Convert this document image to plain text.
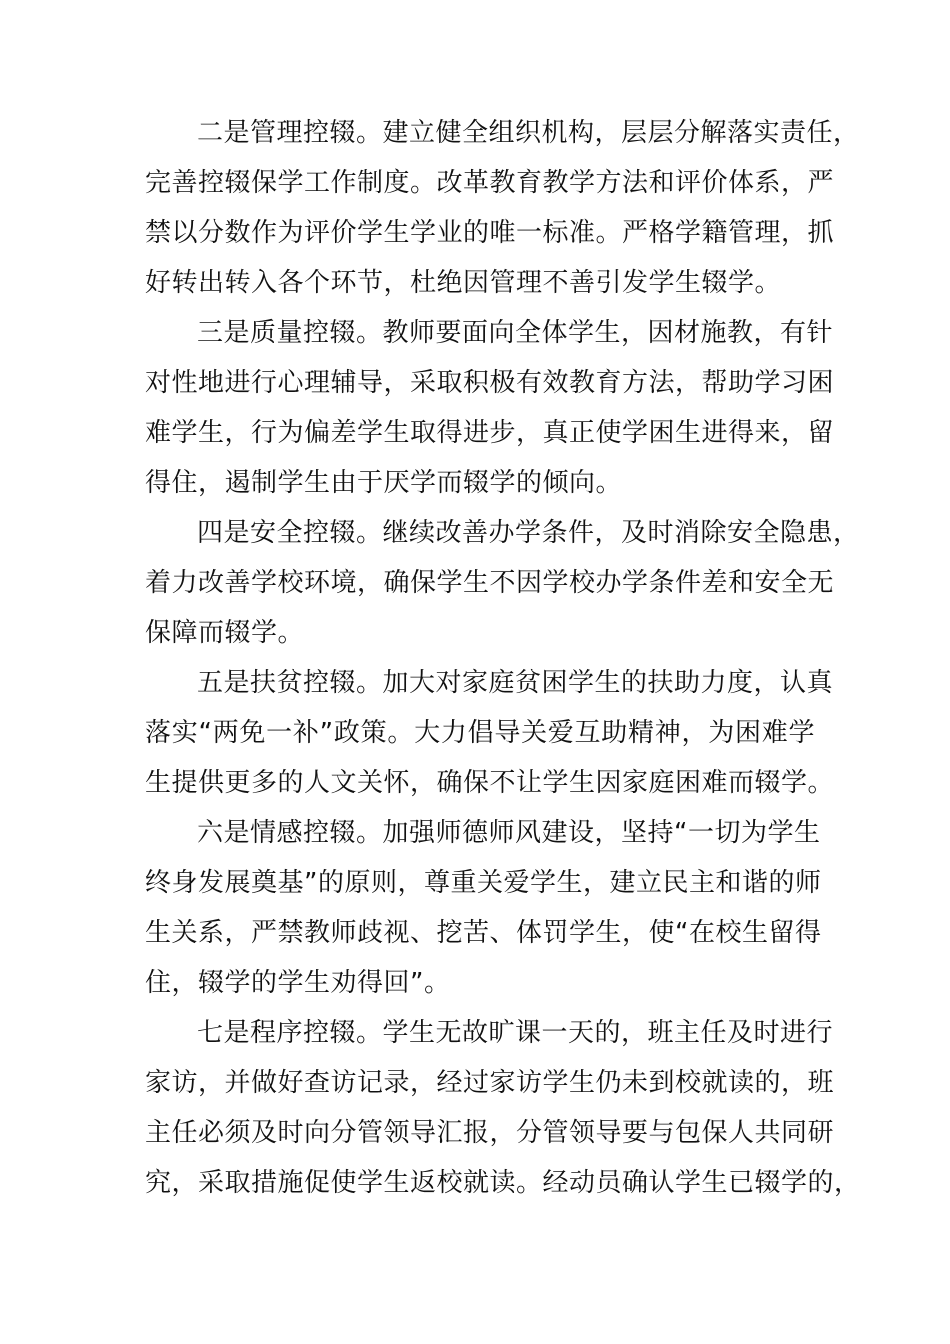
二是管理控辍。建立健全组织机构，层层分解落实责任，
完善控辍保学工作制度。改革教育教学方法和评价体系，严
禁以分数作为评价学生学业的唯一标准。严格学籍管理，抓
好转出转入各个环节，杜绝因管理不善引发学生辍学。
三是质量控辍。教师要面向全体学生，因材施教，有针
对性地进行心理辅导，采取积极有效教育方法，帮助学习困
难学生，行为偏差学生取得进步，真正使学困生进得来，留
得住，遏制学生由于厌学而辍学的倾向。
四是安全控辍。继续改善办学条件，及时消除安全隐患，
着力改善学校环境，确保学生不因学校办学条件差和安全无
保障而辍学。
五是扶贫控辍。加大对家庭贫困学生的扶助力度，认真
落实“两免一补”政策。大力倡导关爱互助精神，为困难学
生提供更多的人文关怀，确保不让学生因家庭困难而辍学。
六是情感控辍。加强师德师风建设，坚持“一切为学生
终身发展奠基”的原则，尊重关爱学生，建立民主和谐的师
生关系，严禁教师歧视、挖苦、体罚学生，使“在校生留得
住，辍学的学生劝得回”。
七是程序控辍。学生无故旷课一天的，班主任及时进行
家访，并做好查访记录，经过家访学生仍未到校就读的，班
主任必须及时向分管领导汇报，分管领导要与包保人共同研
究，采取措施促使学生返校就读。经动员确认学生已辍学的，
